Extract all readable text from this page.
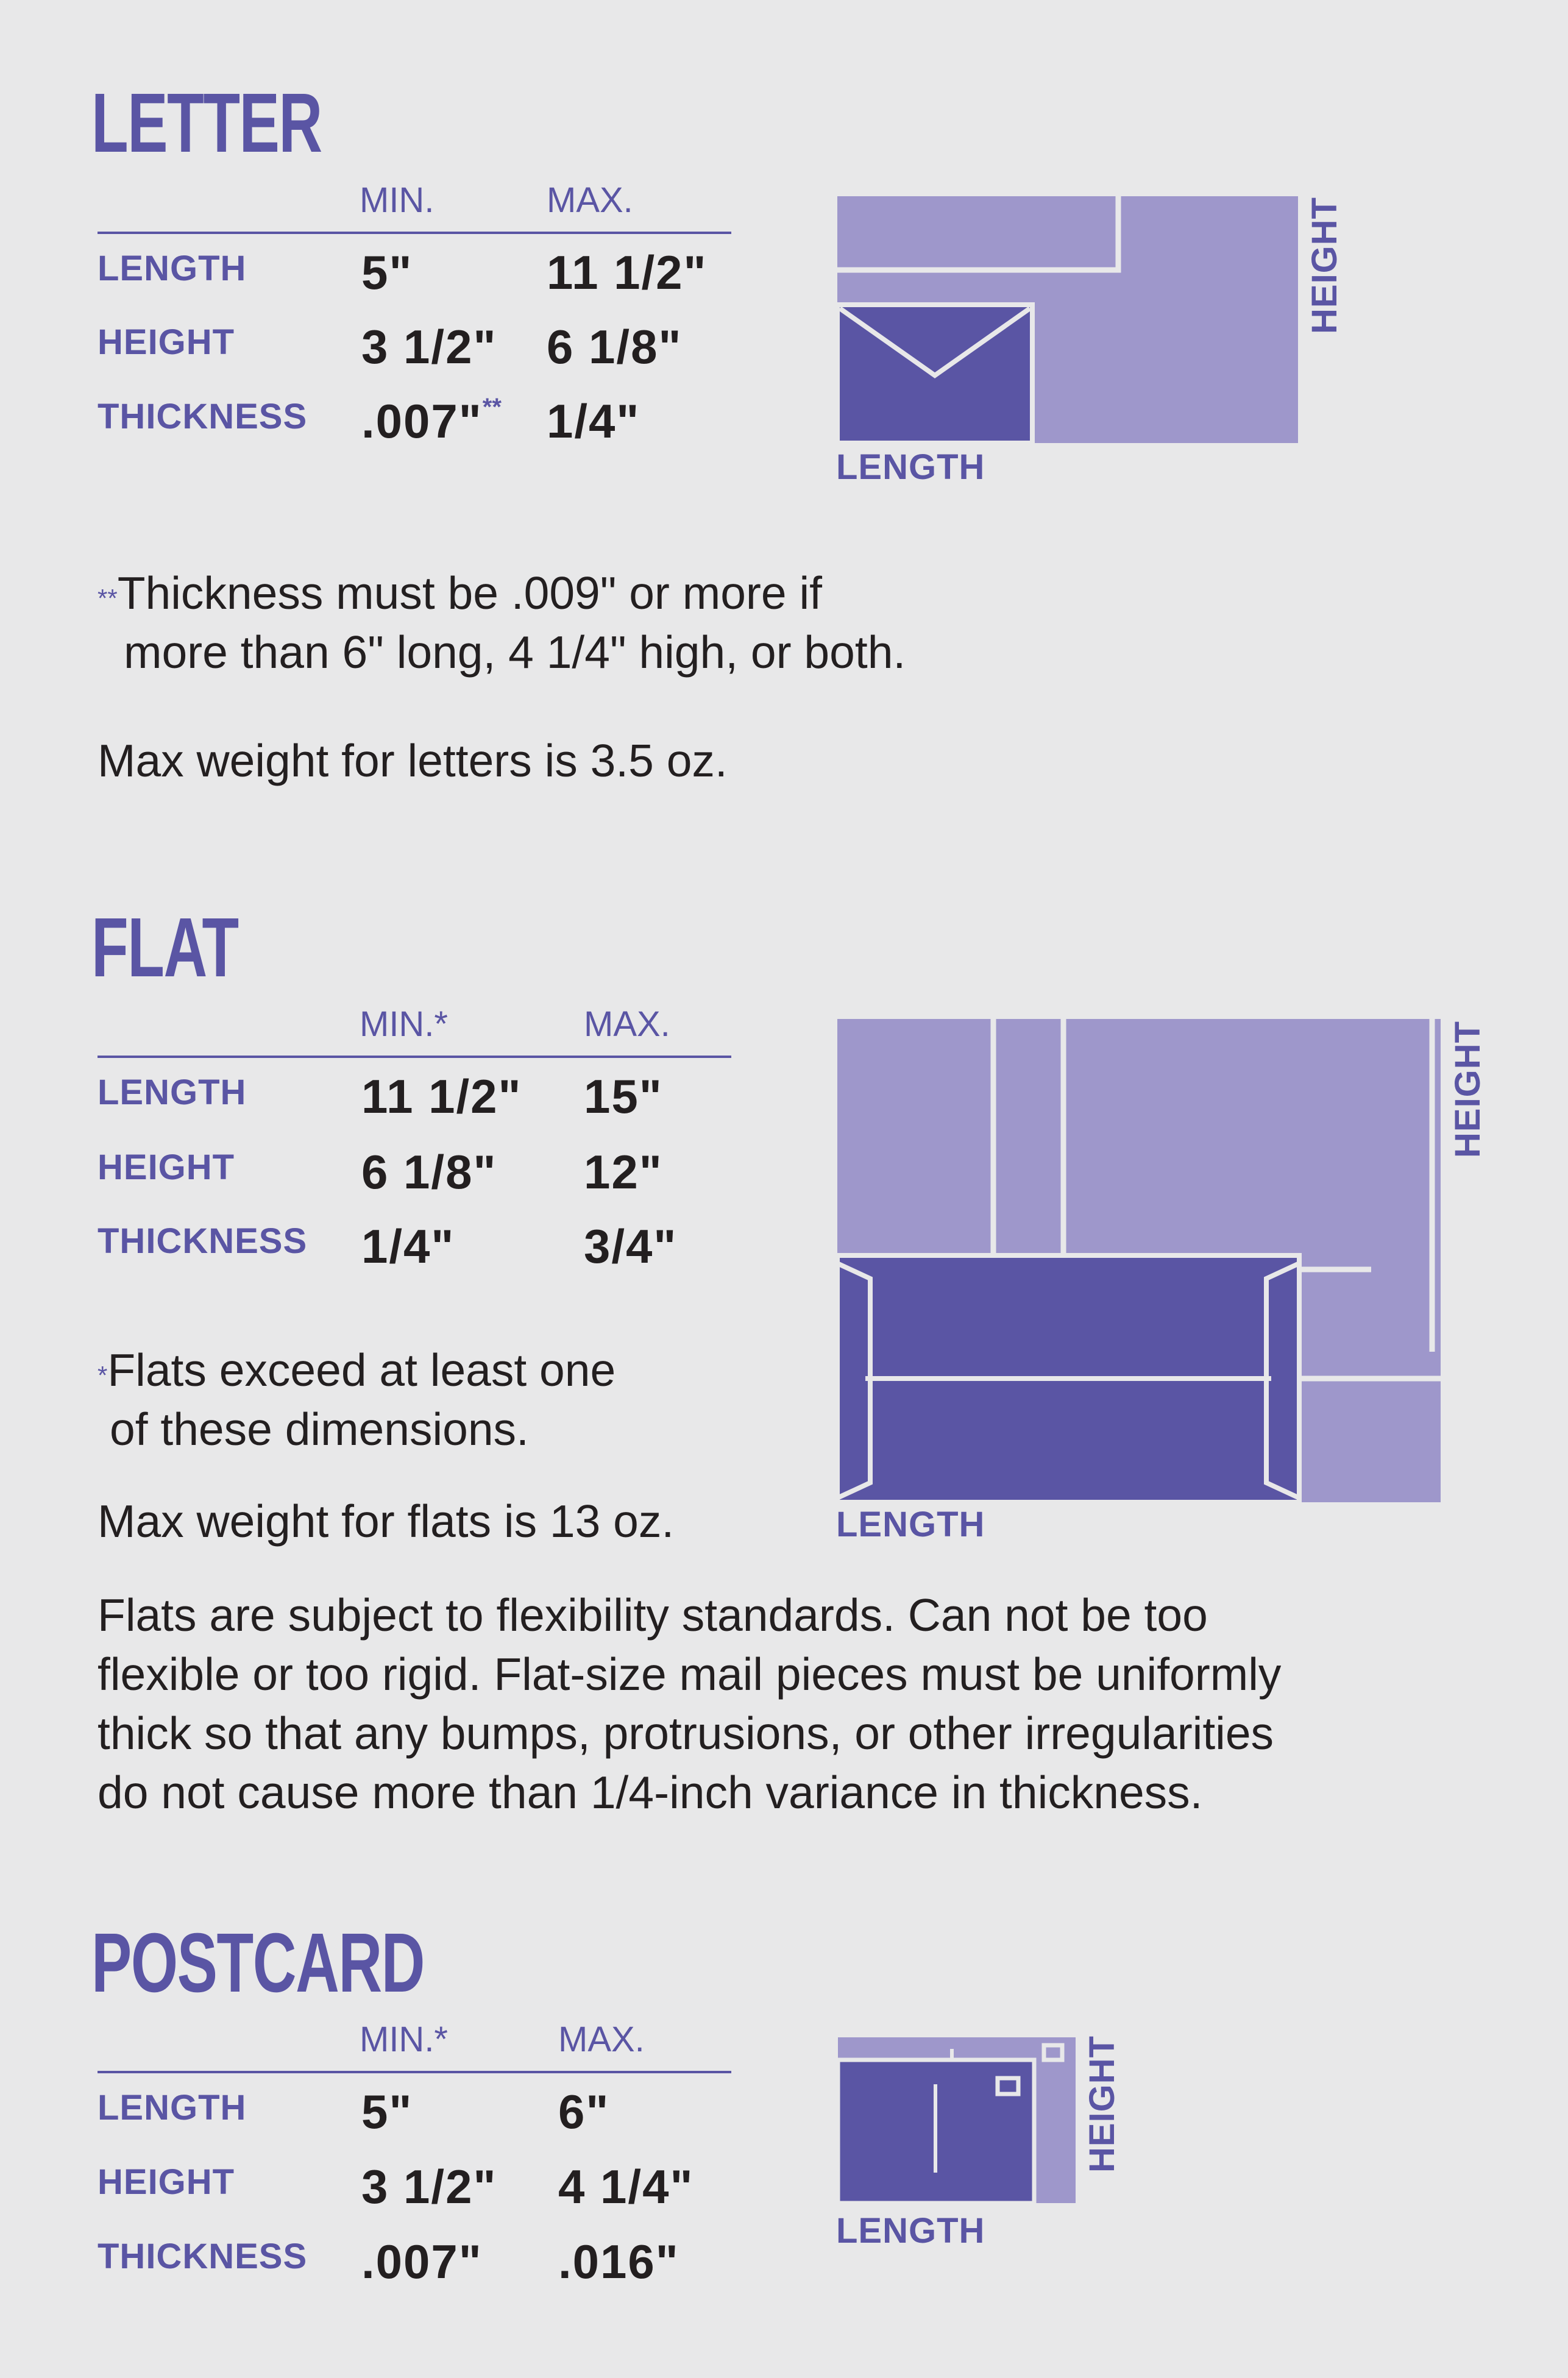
LETTER
MIN.	MAX.
LENGTH 5"	11 1/2"
HEIGHT	3 1/2" 6 1/8"
THICKNESS .007"** 1/4"
LENGTH
HEIGHT
**Thickness must be .009" or more if
more than 6" long, 4 1/4" high, or both.
Max weight for letters is 3.5 oz.
FLAT
MIN.*	MAX.
LENGTH 11 1/2" 15"
HEIGHT	6 1/8" 12"
THICKNESS 1/4"	3/4"
LENGTH
HEIGHT
*Flats exceed at least one
of these dimensions.
Max weight for flats is 13 oz.
Flats are subject to flexibility standards. Can not be too
flexible or too rigid. Flat-size mail pieces must be uniformly
thick so that any bumps, protrusions, or other irregularities
do not cause more than 1/4-inch variance in thickness.
POSTCARD
MIN.*	MAX.
LENGTH 5"	6"
HEIGHT	3 1/2" 4 1/4"
THICKNESS .007" .016"
LENGTH
HEIGHT
